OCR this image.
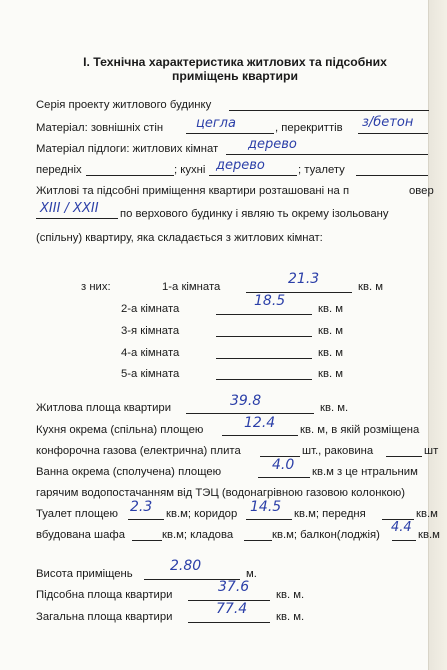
I. Технічна характеристика житлових та підсобних
приміщень квартири
Серія проекту житлового будинку
Матеріал: зовнішніх стін	цегла	, перекриттів з/бетон
Матеріал підлоги: житлових кімнат дерево
передніх	; кухні дерево	; туалету
Житлові та підсобні приміщення квартири розташовані на п	овер
XIII / XXII по верхового будинку і являю ть окрему ізольовану
(спільну) квартиру, яка складається з житлових кімнат:
з них:	1-а кімната	21.3	кв. м
2-а кімната	18.5	кв. м
3-я кімната	кв. м
4-а кімната	кв. м
5-а кімната	кв. м
Житлова площа квартири	39.8	кв. м.
Кухня окрема (спільна) площею	12.4 кв. м, в якій розміщена
конфорочна газова (електрична) плита	шт., раковина	шт
Ванна окрема (сполучена) площею	4.0 кв.м з це нтральним
гарячим водопостачанням від ТЭЦ (водонагрівною газовою колонкою)
Туалет площею 2.3 кв.м; коридор 14.5 кв.м; передня	кв.м
вбудована шафа	кв.м; кладова	кв.м; балкон(лоджія) 4.4 кв.м
Висота приміщень	2.80	м.
Підсобна площа квартири	37.6 кв. м.
Загальна площа квартири	77.4	кв. м.
